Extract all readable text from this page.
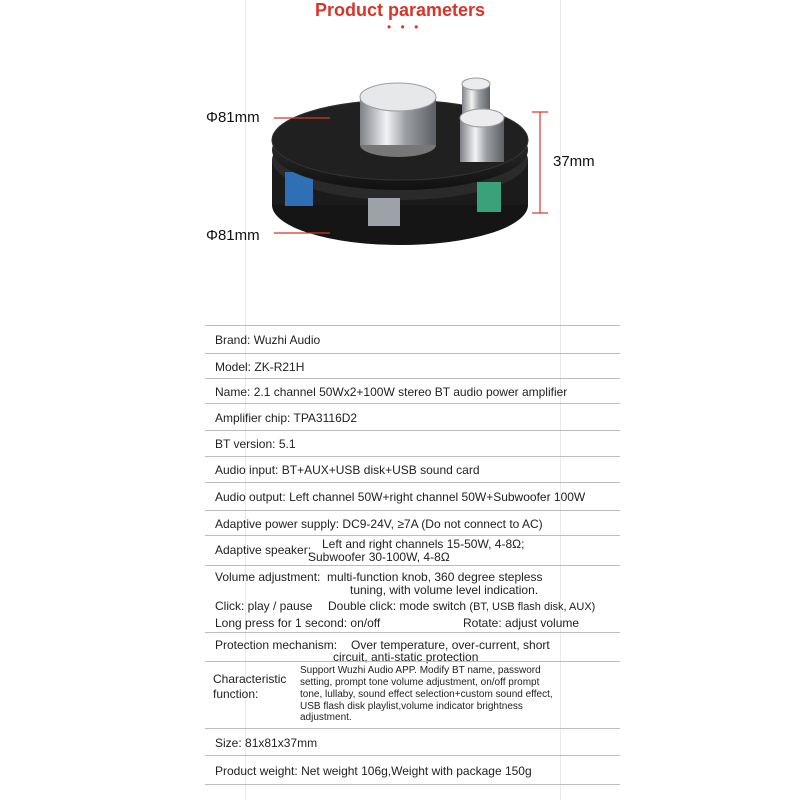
Product parameters
• • •
Φ81mm
Φ81mm
37mm
Brand: Wuzhi Audio
Model: ZK-R21H
Name: 2.1 channel 50Wx2+100W stereo BT audio power amplifier
Amplifier chip: TPA3116D2
BT version: 5.1
Audio input: BT+AUX+USB disk+USB sound card
Audio output: Left channel 50W+right channel 50W+Subwoofer 100W
Adaptive power supply: DC9-24V, ≥7A (Do not connect to AC)
Adaptive speaker: Left and right channels 15-50W, 4-8Ω;
Subwoofer 30-100W, 4-8Ω
Volume adjustment: multi-function knob, 360 degree stepless
tuning, with volume level indication.
Click: play / pause Double click: mode switch (BT, USB flash disk, AUX)
Long press for 1 second: on/off	Rotate: adjust volume
Protection mechanism: Over temperature, over-current, short
circuit, anti-static protection
Characteristic
function:
Support Wuzhi Audio APP. Modify BT name, password
setting, prompt tone volume adjustment, on/off prompt
tone, lullaby, sound effect selection+custom sound effect,
USB flash disk playlist,volume indicator brightness
adjustment.
Size: 81x81x37mm
Product weight: Net weight 106g,Weight with package 150g
